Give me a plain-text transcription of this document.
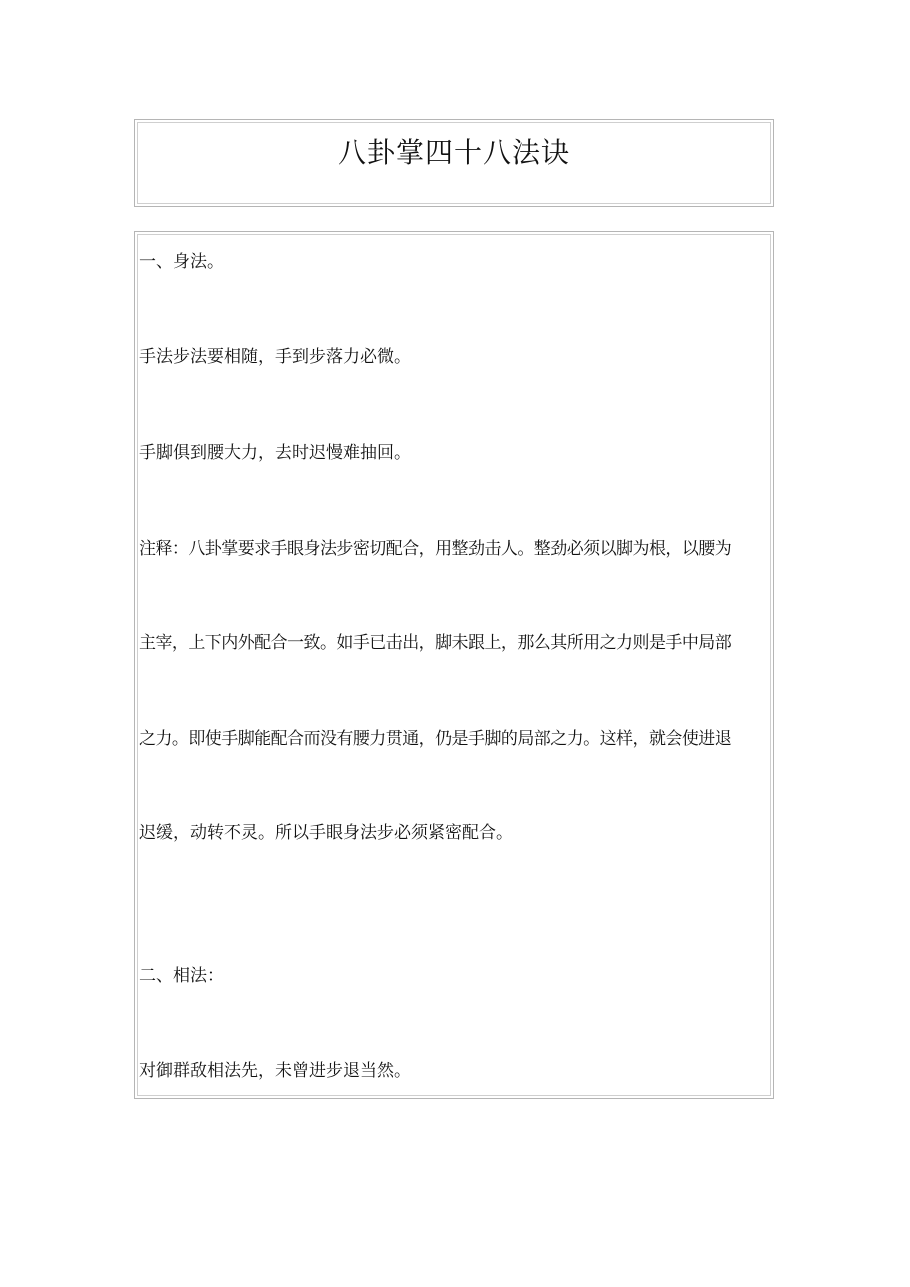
八卦掌四十八法诀
一、身法。
手法步法要相随，手到步落力必微。
手脚俱到腰大力，去时迟慢难抽回。
注释：八卦掌要求手眼身法步密切配合，用整劲击人。整劲必须以脚为根，以腰为
主宰，上下内外配合一致。如手已击出，脚未跟上，那么其所用之力则是手中局部
之力。即使手脚能配合而没有腰力贯通，仍是手脚的局部之力。这样，就会使进退
迟缓，动转不灵。所以手眼身法步必须紧密配合。
二、相法：
对御群敌相法先，未曾进步退当然。
